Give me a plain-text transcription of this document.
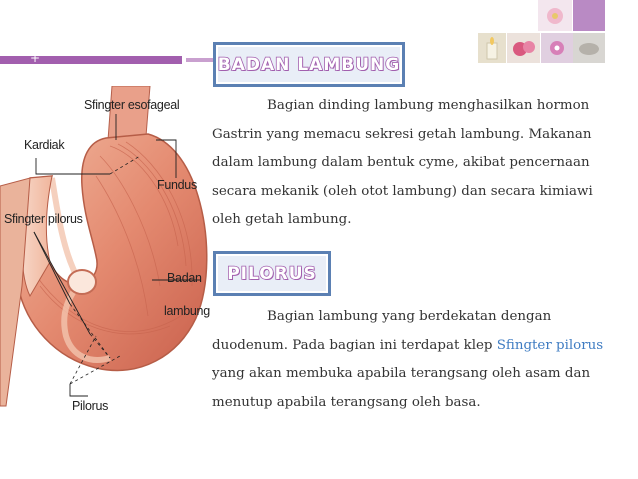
+
Sfingter esofageal
Kardiak
Fundus
Sfingter pilorus
Badan
lambung
Pilorus
BADAN LAMBUNG
Bagian dinding lambung menghasilkan hormon Gastrin yang memacu sekresi getah lambung. Makanan dalam lambung dalam bentuk cyme, akibat pencernaan secara mekanik (oleh otot lambung) dan secara kimiawi oleh getah lambung.
PILORUS
Bagian lambung yang berdekatan dengan duodenum. Pada bagian ini terdapat klep Sfingter pilorus yang akan membuka apabila terangsang oleh asam dan menutup apabila terangsang oleh basa.
